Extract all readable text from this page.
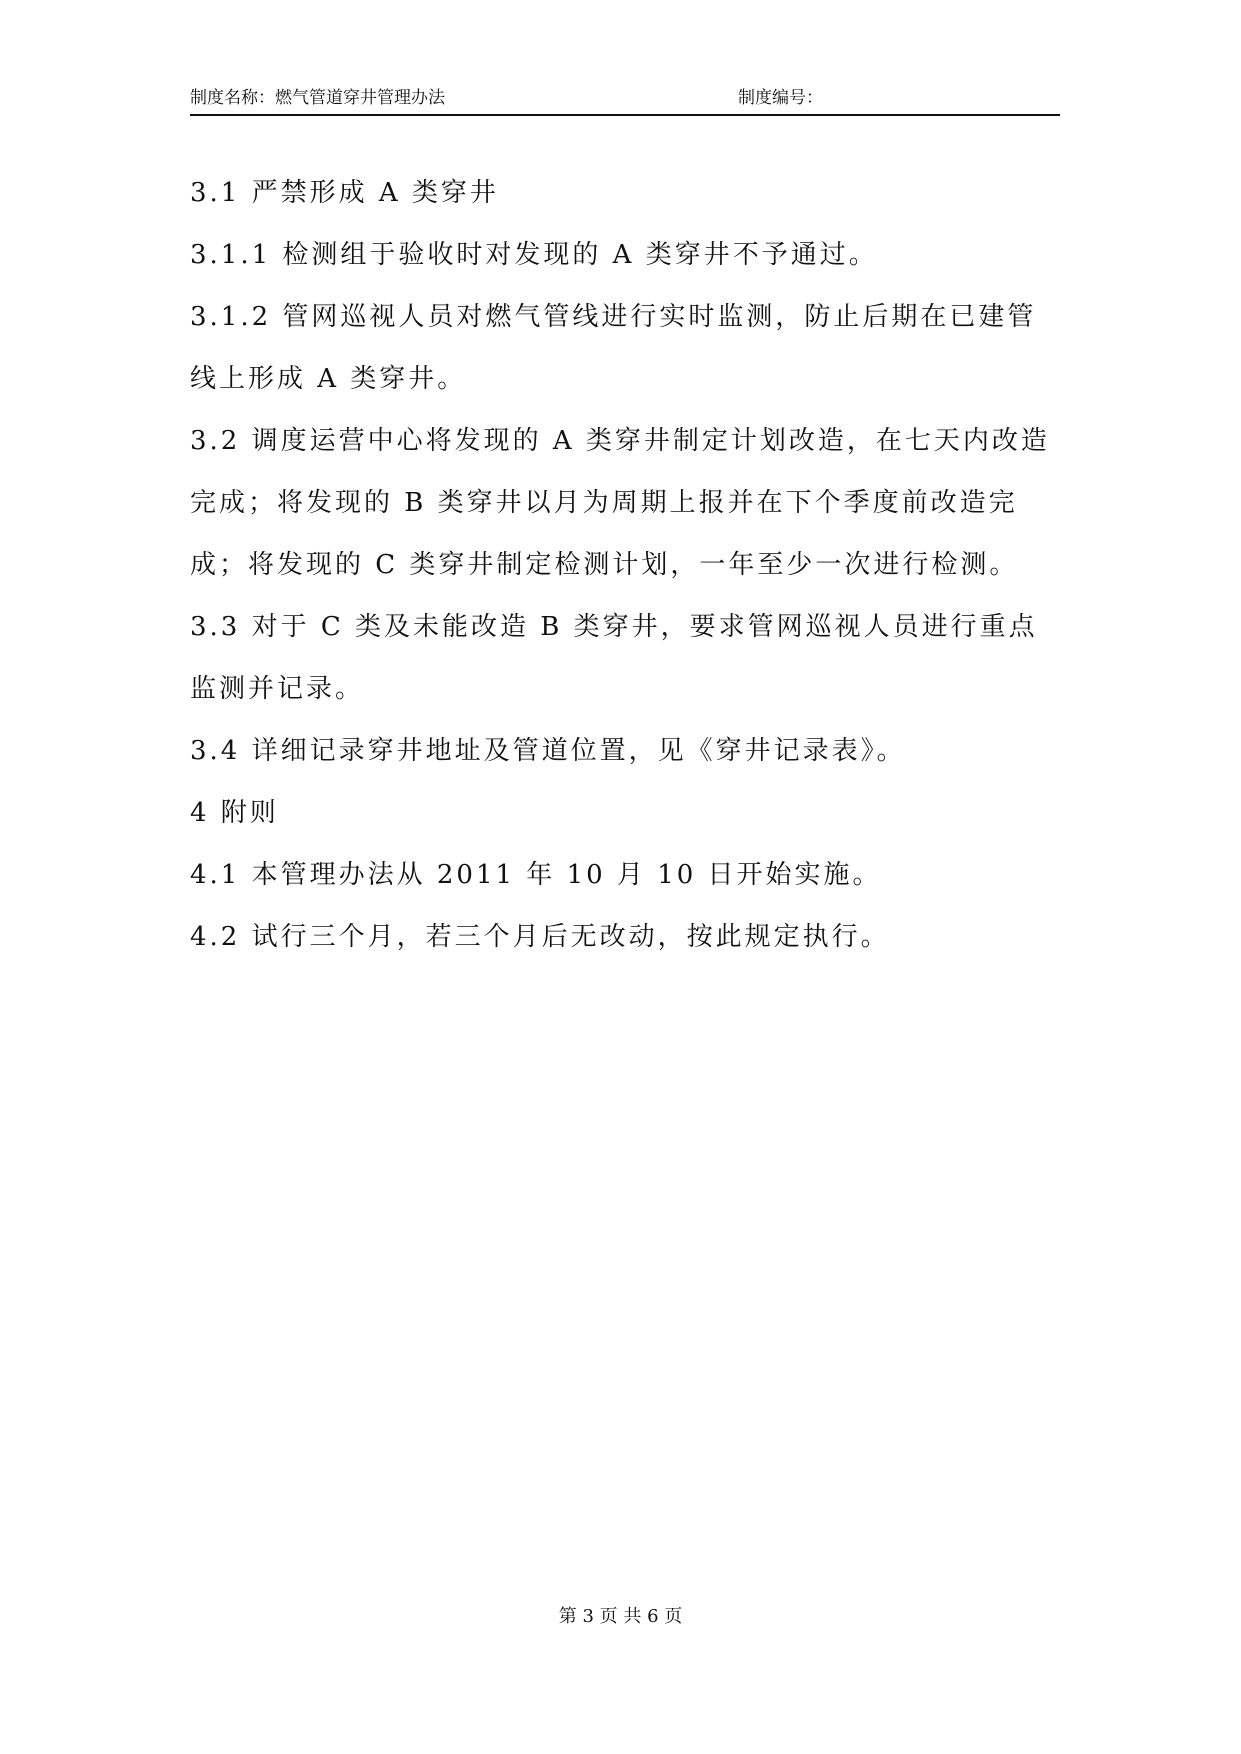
制度名称：燃气管道穿井管理办法	制度编号：

3.1 严禁形成 A 类穿井

3.1.1 检测组于验收时对发现的 A 类穿井不予通过。

3.1.2 管网巡视人员对燃气管线进行实时监测，防止后期在已建管线上形成 A 类穿井。

3.2 调度运营中心将发现的 A 类穿井制定计划改造，在七天内改造完成；将发现的 B 类穿井以月为周期上报并在下个季度前改造完成；将发现的 C 类穿井制定检测计划，一年至少一次进行检测。

3.3 对于 C 类及未能改造 B 类穿井，要求管网巡视人员进行重点监测并记录。

3.4 详细记录穿井地址及管道位置，见《穿井记录表》。

4 附则

4.1 本管理办法从 2011 年 10 月 10 日开始实施。

4.2 试行三个月，若三个月后无改动，按此规定执行。

第 3 页 共 6 页
